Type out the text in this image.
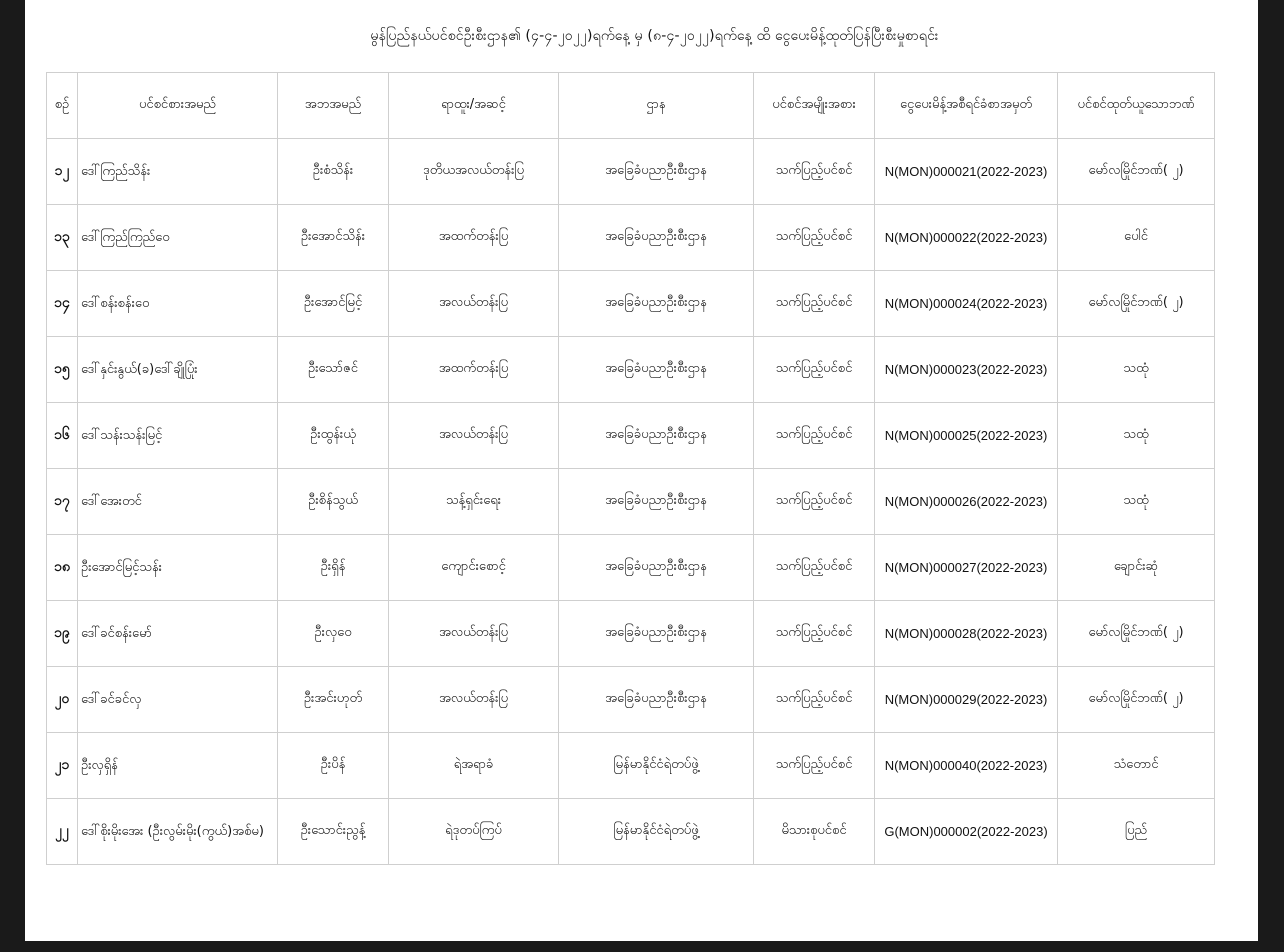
မွန်ပြည်နယ်ပင်စင်ဦးစီးဌာန၏ (၄-၄-၂၀၂၂)ရက်နေ့ မှ (၈-၄-၂၀၂၂)ရက်နေ့ ထိ ငွေပေးမိန့်ထုတ်ပြန်ပြီးစီးမှုစာရင်း
စဉ်	ပင်စင်စားအမည်	အဘအမည်	ရာထူး/အဆင့်	ဌာန	ပင်စင်အမျိုးအစား	ငွေပေးမိန့်အစီရင်ခံစာအမှတ်	ပင်စင်ထုတ်ယူသောဘဏ်
၁၂	ဒေါ်ကြည်သိန်း	ဦးစံသိန်း	ဒုတိယအလယ်တန်းပြ	အခြေခံပညာဦးစီးဌာန	သက်ပြည့်ပင်စင်	N(MON)000021(2022-2023)	မော်လမြိုင်ဘဏ်( ၂)
၁၃	ဒေါ်ကြည်ကြည်ဝေ	ဦးအောင်သိန်း	အထက်တန်းပြ	အခြေခံပညာဦးစီးဌာန	သက်ပြည့်ပင်စင်	N(MON)000022(2022-2023)	ပေါင်
၁၄	ဒေါ်စန်းစန်းဝေ	ဦးအောင်မြင့်	အလယ်တန်းပြ	အခြေခံပညာဦးစီးဌာန	သက်ပြည့်ပင်စင်	N(MON)000024(2022-2023)	မော်လမြိုင်ဘဏ်( ၂)
၁၅	ဒေါ်နှင်းနွယ်(ခ)ဒေါ်ချိုပြုံး	ဦးသော်ဇင်	အထက်တန်းပြ	အခြေခံပညာဦးစီးဌာန	သက်ပြည့်ပင်စင်	N(MON)000023(2022-2023)	သထုံ
၁၆	ဒေါ်သန်းသန်းမြင့်	ဦးထွန်းယုံ	အလယ်တန်းပြ	အခြေခံပညာဦးစီးဌာန	သက်ပြည့်ပင်စင်	N(MON)000025(2022-2023)	သထုံ
၁၇	ဒေါ်အေးတင်	ဦးစိန်သွယ်	သန့်ရှင်းရေး	အခြေခံပညာဦးစီးဌာန	သက်ပြည့်ပင်စင်	N(MON)000026(2022-2023)	သထုံ
၁၈	ဦးအောင်မြင့်သန်း	ဦးရှိန်	ကျောင်းစောင့်	အခြေခံပညာဦးစီးဌာန	သက်ပြည့်ပင်စင်	N(MON)000027(2022-2023)	ချောင်းဆုံ
၁၉	ဒေါ်ခင်စန်းမော်	ဦးလှဝေ	အလယ်တန်းပြ	အခြေခံပညာဦးစီးဌာန	သက်ပြည့်ပင်စင်	N(MON)000028(2022-2023)	မော်လမြိုင်ဘဏ်( ၂)
၂၀	ဒေါ်ခင်ခင်လှ	ဦးအင်းဟုတ်	အလယ်တန်းပြ	အခြေခံပညာဦးစီးဌာန	သက်ပြည့်ပင်စင်	N(MON)000029(2022-2023)	မော်လမြိုင်ဘဏ်( ၂)
၂၁	ဦးလှရှိန်	ဦးပိန်	ရဲအရာခံ	မြန်မာနိုင်ငံရဲတပ်ဖွဲ့	သက်ပြည့်ပင်စင်	N(MON)000040(2022-2023)	သံတောင်
၂၂	ဒေါ်စိုးမိုးအေး (ဦးလွမ်းမိုး(ကွယ်)အစ်မ)	ဦးသောင်းညွန့်	ရဲဒုတပ်ကြပ်	မြန်မာနိုင်ငံရဲတပ်ဖွဲ့	မိသားစုပင်စင်	G(MON)000002(2022-2023)	ပြည်
